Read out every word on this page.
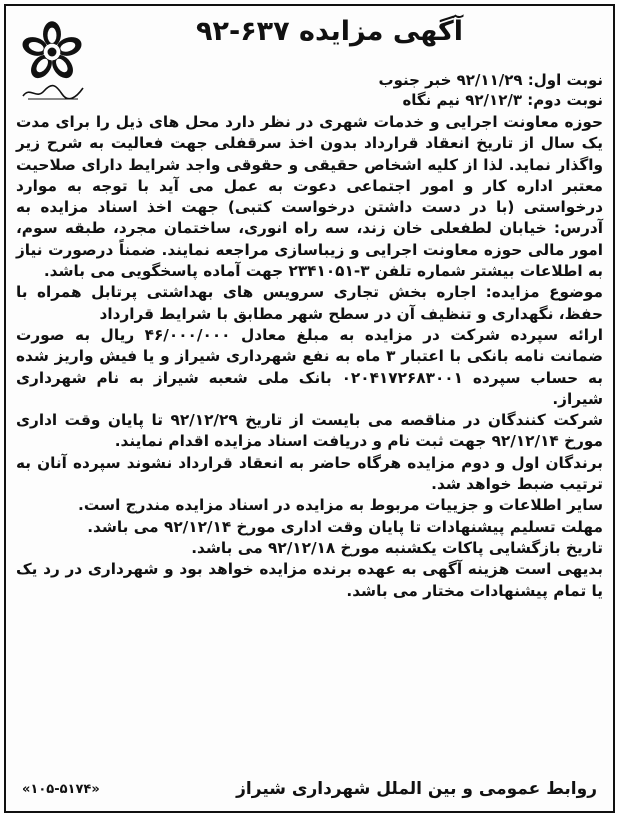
آگهی مزایده ۶۳۷-۹۲
نوبت اول: ۹۲/۱۱/۲۹ خبر جنوب
نوبت دوم: ۹۲/۱۲/۳ نیم نگاه

حوزه معاونت اجرایی و خدمات شهری در نظر دارد محل های ذیل را برای مدت یک سال از تاریخ انعقاد قرارداد بدون اخذ سرقفلی جهت فعالیت به شرح زیر واگذار نماید. لذا از کلیه اشخاص حقیقی و حقوقی واجد شرایط دارای صلاحیت معتبر اداره کار و امور اجتماعی دعوت به عمل می آید با توجه به موارد درخواستی (با در دست داشتن درخواست کتبی) جهت اخذ اسناد مزایده به آدرس: خیابان لطفعلی خان زند، سه راه انوری، ساختمان مجرد، طبقه سوم، امور مالی حوزه معاونت اجرایی و زیباسازی مراجعه نمایند. ضمناً درصورت نیاز به اطلاعات بیشتر شماره تلفن ۳-۲۳۴۱۰۵۱ جهت آماده پاسخگویی می باشد.

موضوع مزایده: اجاره بخش تجاری سرویس های بهداشتی پرتابل همراه با حفظ، نگهداری و تنظیف آن در سطح شهر مطابق با شرایط قرارداد

ارائه سپرده شرکت در مزایده به مبلغ معادل ۴۶/۰۰۰/۰۰۰ ریال به صورت ضمانت نامه بانکی با اعتبار ۳ ماه به نفع شهرداری شیراز و یا فیش واریز شده به حساب سپرده ۰۲۰۴۱۷۲۶۸۳۰۰۱ بانک ملی شعبه شیراز به نام شهرداری شیراز.

شرکت کنندگان در مناقصه می بایست از تاریخ ۹۲/۱۲/۲۹ تا پایان وقت اداری مورخ ۹۲/۱۲/۱۴ جهت ثبت نام و دریافت اسناد مزایده اقدام نمایند.

برندگان اول و دوم مزایده هرگاه حاضر به انعقاد قرارداد نشوند سپرده آنان به ترتیب ضبط خواهد شد.

سایر اطلاعات و جزییات مربوط به مزایده در اسناد مزایده مندرج است.

مهلت تسلیم پیشنهادات تا پایان وقت اداری مورخ ۹۲/۱۲/۱۴ می باشد.

تاریخ بازگشایی پاکات یکشنبه مورخ ۹۲/۱۲/۱۸ می باشد.

بدیهی است هزینه آگهی به عهده برنده مزایده خواهد بود و شهرداری در رد یک یا تمام پیشنهادات مختار می باشد.

روابط عمومی و بین الملل شهرداری شیراز
«۱۰۵-۵۱۷۴»
